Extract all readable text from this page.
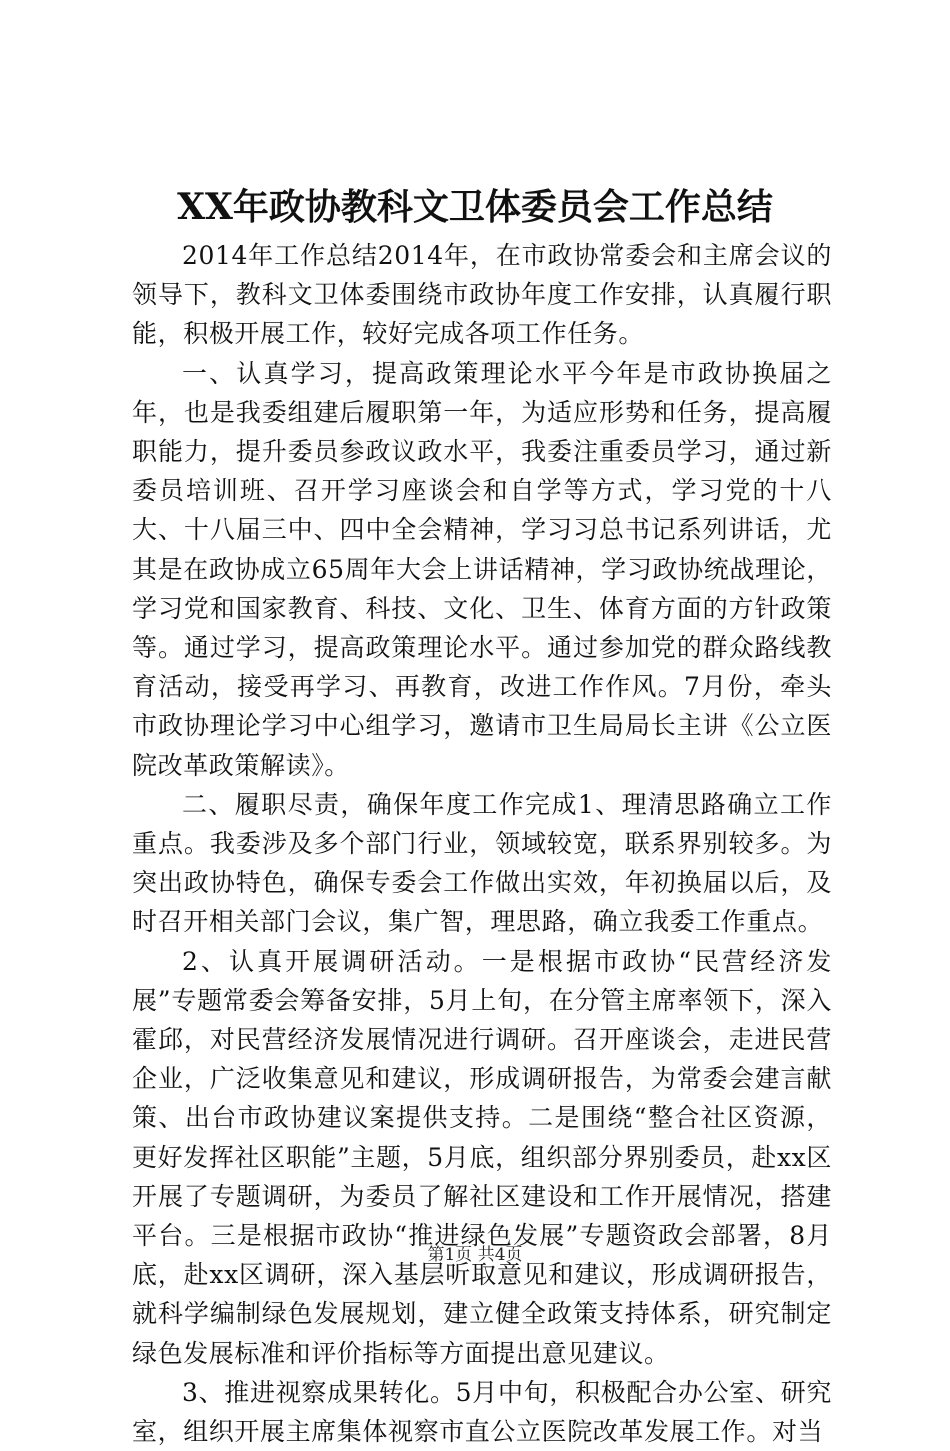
XX年政协教科文卫体委员会工作总结

2014年工作总结2014年，在市政协常委会和主席会议的领导下，教科文卫体委围绕市政协年度工作安排，认真履行职能，积极开展工作，较好完成各项工作任务。

一、认真学习，提高政策理论水平今年是市政协换届之年，也是我委组建后履职第一年，为适应形势和任务，提高履职能力，提升委员参政议政水平，我委注重委员学习，通过新委员培训班、召开学习座谈会和自学等方式，学习党的十八大、十八届三中、四中全会精神，学习习总书记系列讲话，尤其是在政协成立65周年大会上讲话精神，学习政协统战理论，学习党和国家教育、科技、文化、卫生、体育方面的方针政策等。通过学习，提高政策理论水平。通过参加党的群众路线教育活动，接受再学习、再教育，改进工作作风。7月份，牵头市政协理论学习中心组学习，邀请市卫生局局长主讲《公立医院改革政策解读》。

二、履职尽责，确保年度工作完成1、理清思路确立工作重点。我委涉及多个部门行业，领域较宽，联系界别较多。为突出政协特色，确保专委会工作做出实效，年初换届以后，及时召开相关部门会议，集广智，理思路，确立我委工作重点。

2、认真开展调研活动。一是根据市政协“民营经济发展”专题常委会筹备安排，5月上旬，在分管主席率领下，深入霍邱，对民营经济发展情况进行调研。召开座谈会，走进民营企业，广泛收集意见和建议，形成调研报告，为常委会建言献策、出台市政协建议案提供支持。二是围绕“整合社区资源，更好发挥社区职能”主题，5月底，组织部分界别委员，赴xx区开展了专题调研，为委员了解社区建设和工作开展情况，搭建平台。三是根据市政协“推进绿色发展”专题资政会部署，8月底，赴xx区调研，深入基层听取意见和建议，形成调研报告，就科学编制绿色发展规划，建立健全政策支持体系，研究制定绿色发展标准和评价指标等方面提出意见建议。

3、推进视察成果转化。5月中旬，积极配合办公室、研究室，组织开展主席集体视察市直公立医院改革发展工作。对当

第1页 共4页
